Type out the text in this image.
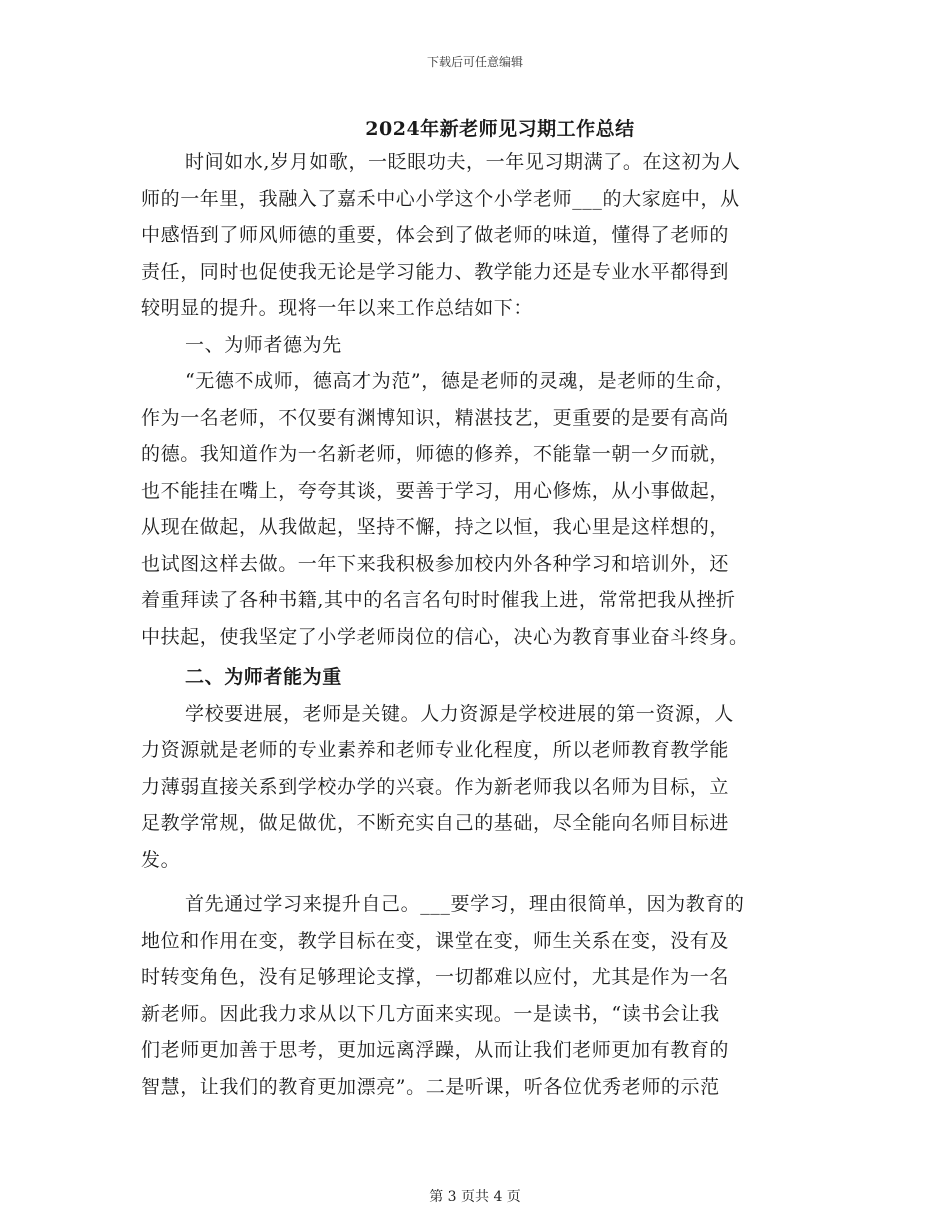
下载后可任意编辑
2024年新老师见习期工作总结
时间如水,岁月如歌，一眨眼功夫，一年见习期满了。在这初为人
师的一年里，我融入了嘉禾中心小学这个小学老师___的大家庭中，从
中感悟到了师风师德的重要，体会到了做老师的味道，懂得了老师的
责任，同时也促使我无论是学习能力、教学能力还是专业水平都得到
较明显的提升。现将一年以来工作总结如下：
一、为师者德为先
“无德不成师，德高才为范”，德是老师的灵魂，是老师的生命，
作为一名老师，不仅要有渊博知识，精湛技艺，更重要的是要有高尚
的德。我知道作为一名新老师，师德的修养，不能靠一朝一夕而就，
也不能挂在嘴上，夸夸其谈，要善于学习，用心修炼，从小事做起，
从现在做起，从我做起，坚持不懈，持之以恒，我心里是这样想的，
也试图这样去做。一年下来我积极参加校内外各种学习和培训外，还
着重拜读了各种书籍,其中的名言名句时时催我上进，常常把我从挫折
中扶起，使我坚定了小学老师岗位的信心，决心为教育事业奋斗终身。
二、为师者能为重
学校要进展，老师是关键。人力资源是学校进展的第一资源，人
力资源就是老师的专业素养和老师专业化程度，所以老师教育教学能
力薄弱直接关系到学校办学的兴衰。作为新老师我以名师为目标，立
足教学常规，做足做优，不断充实自己的基础，尽全能向名师目标进
发。
首先通过学习来提升自己。___要学习，理由很简单，因为教育的
地位和作用在变，教学目标在变，课堂在变，师生关系在变，没有及
时转变角色，没有足够理论支撑，一切都难以应付，尤其是作为一名
新老师。因此我力求从以下几方面来实现。一是读书，“读书会让我
们老师更加善于思考，更加远离浮躁，从而让我们老师更加有教育的
智慧，让我们的教育更加漂亮”。二是听课，听各位优秀老师的示范
第 3 页共 4 页
